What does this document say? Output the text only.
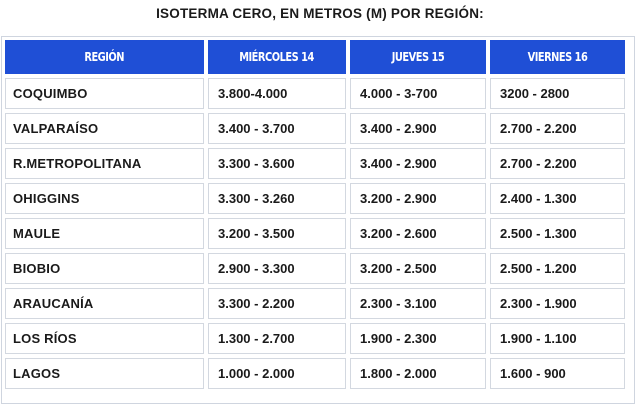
ISOTERMA CERO, EN METROS (M) POR REGIÓN:
REGIÓN	MIÉRCOLES 14	JUEVES 15	VIERNES 16
COQUIMBO	3.800-4.000	4.000 - 3-700	3200 - 2800
VALPARAÍSO	3.400 - 3.700	3.400 - 2.900	2.700 - 2.200
R.METROPOLITANA	3.300 - 3.600	3.400 - 2.900	2.700 - 2.200
OHIGGINS	3.300 - 3.260	3.200 - 2.900	2.400 - 1.300
MAULE	3.200 - 3.500	3.200 - 2.600	2.500 - 1.300
BIOBIO	2.900 - 3.300	3.200 - 2.500	2.500 - 1.200
ARAUCANÍA	3.300 - 2.200	2.300 - 3.100	2.300 - 1.900
LOS RÍOS	1.300 - 2.700	1.900 - 2.300	1.900 - 1.100
LAGOS	1.000 - 2.000	1.800 - 2.000	1.600 - 900
